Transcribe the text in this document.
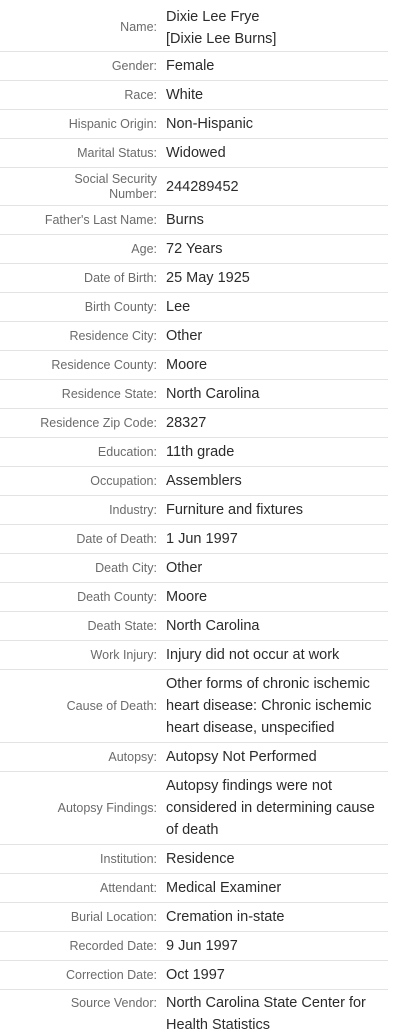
Name:
Dixie Lee Frye
[Dixie Lee Burns]
Gender: Female
Race: White
Hispanic Origin: Non-Hispanic
Marital Status: Widowed
Social Security
Number: 244289452
Father's Last Name: Burns
Age: 72 Years
Date of Birth: 25 May 1925
Birth County: Lee
Residence City: Other
Residence County: Moore
Residence State: North Carolina
Residence Zip Code: 28327
Education: 11th grade
Occupation: Assemblers
Industry: Furniture and fixtures
Date of Death: 1 Jun 1997
Death City: Other
Death County: Moore
Death State: North Carolina
Work Injury: Injury did not occur at work
Cause of Death:
Other forms of chronic ischemic
heart disease: Chronic ischemic
heart disease, unspecified
Autopsy: Autopsy Not Performed
Autopsy Findings:
Autopsy findings were not
considered in determining cause
of death
Institution: Residence
Attendant: Medical Examiner
Burial Location: Cremation in-state
Recorded Date: 9 Jun 1997
Correction Date: Oct 1997
Source Vendor: North Carolina State Center for
Health Statistics
